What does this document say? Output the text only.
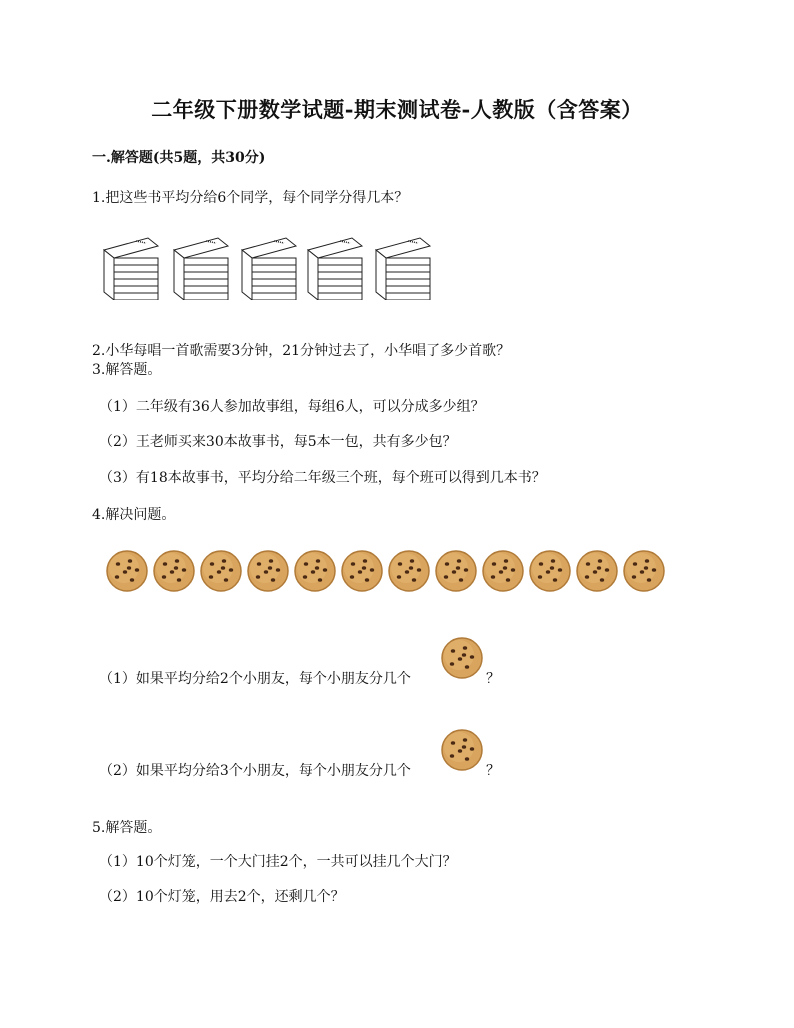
二年级下册数学试题-期末测试卷-人教版（含答案）
一.解答题(共5题，共30分)
1.把这些书平均分给6个同学，每个同学分得几本？
2.小华每唱一首歌需要3分钟，21分钟过去了，小华唱了多少首歌？
3.解答题。
（1）二年级有36人参加故事组，每组6人，可以分成多少组？
（2）王老师买来30本故事书，每5本一包，共有多少包？
（3）有18本故事书，平均分给二年级三个班，每个班可以得到几本书？
4.解决问题。
（1）如果平均分给2个小朋友，每个小朋友分几个	？
（2）如果平均分给3个小朋友，每个小朋友分几个	？
5.解答题。
（1）10个灯笼，一个大门挂2个，一共可以挂几个大门？
（2）10个灯笼，用去2个，还剩几个？
